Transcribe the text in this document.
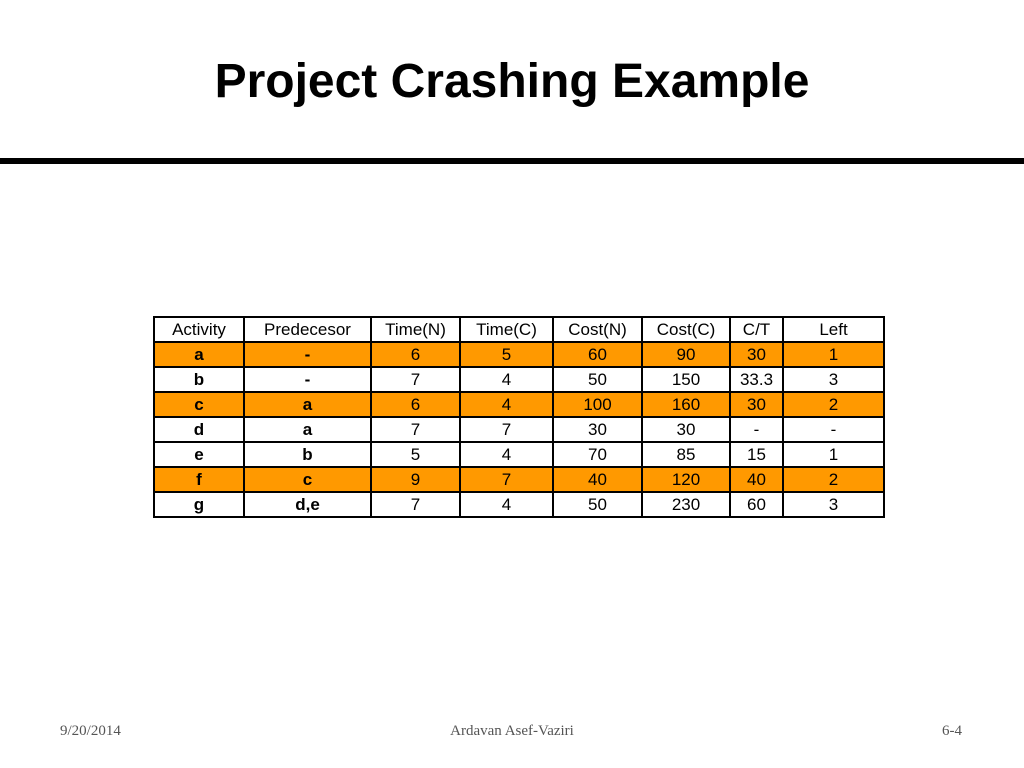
Project Crashing Example
Activity	Predecesor	Time(N)	Time(C)	Cost(N)	Cost(C)	C/T	Left
a	-	6	5	60	90	30	1
b	-	7	4	50	150	33.3	3
c	a	6	4	100	160	30	2
d	a	7	7	30	30	-	-
e	b	5	4	70	85	15	1
f	c	9	7	40	120	40	2
g	d,e	7	4	50	230	60	3
9/20/2014	Ardavan Asef-Vaziri	6-4
